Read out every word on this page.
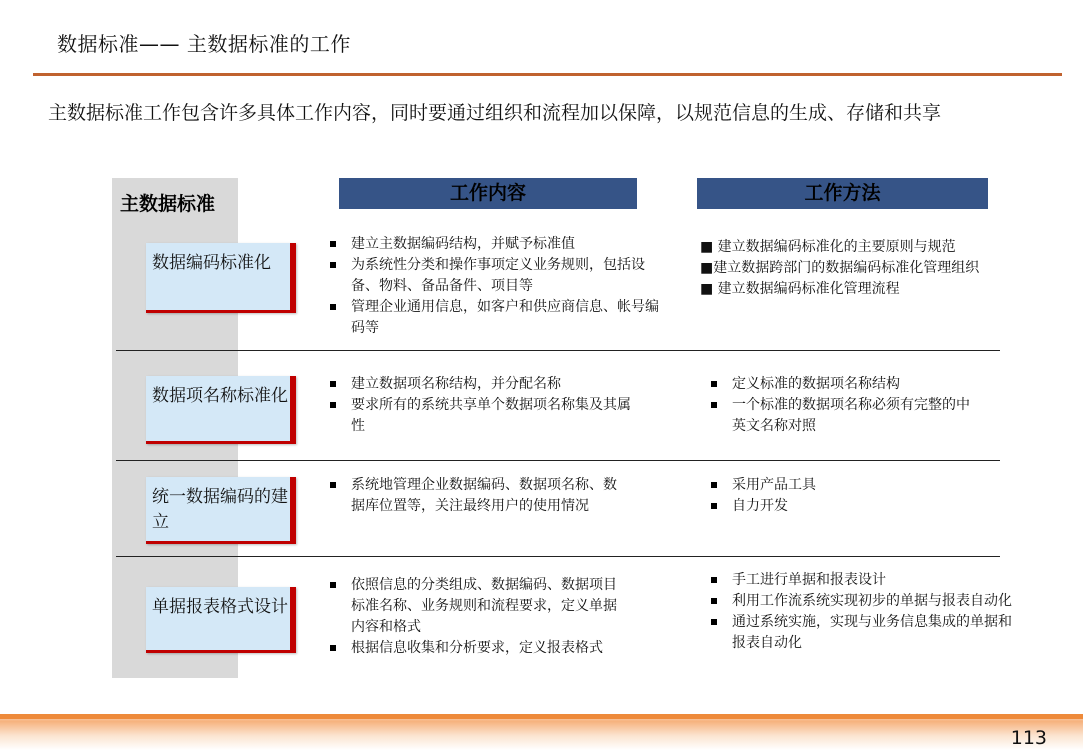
数据标准—— 主数据标准的工作
主数据标准工作包含许多具体工作内容，同时要通过组织和流程加以保障，以规范信息的生成、存储和共享
主数据标准	工作内容	工作方法
数据编码标准化
建立主数据编码结构，并赋予标准值
为系统性分类和操作事项定义业务规则，包括设备、物料、备品备件、项目等
管理企业通用信息，如客户和供应商信息、帐号编码等
■ 建立数据编码标准化的主要原则与规范
■建立数据跨部门的数据编码标准化管理组织
■ 建立数据编码标准化管理流程
数据项名称标准化
建立数据项名称结构，并分配名称
要求所有的系统共享单个数据项名称集及其属性
定义标准的数据项名称结构
一个标准的数据项名称必须有完整的中英文名称对照
统一数据编码的建立
系统地管理企业数据编码、数据项名称、数据库位置等，关注最终用户的使用情况
采用产品工具
自力开发
单据报表格式设计
依照信息的分类组成、数据编码、数据项目标准名称、业务规则和流程要求，定义单据内容和格式
根据信息收集和分析要求，定义报表格式
手工进行单据和报表设计
利用工作流系统实现初步的单据与报表自动化
通过系统实施，实现与业务信息集成的单据和报表自动化
113
